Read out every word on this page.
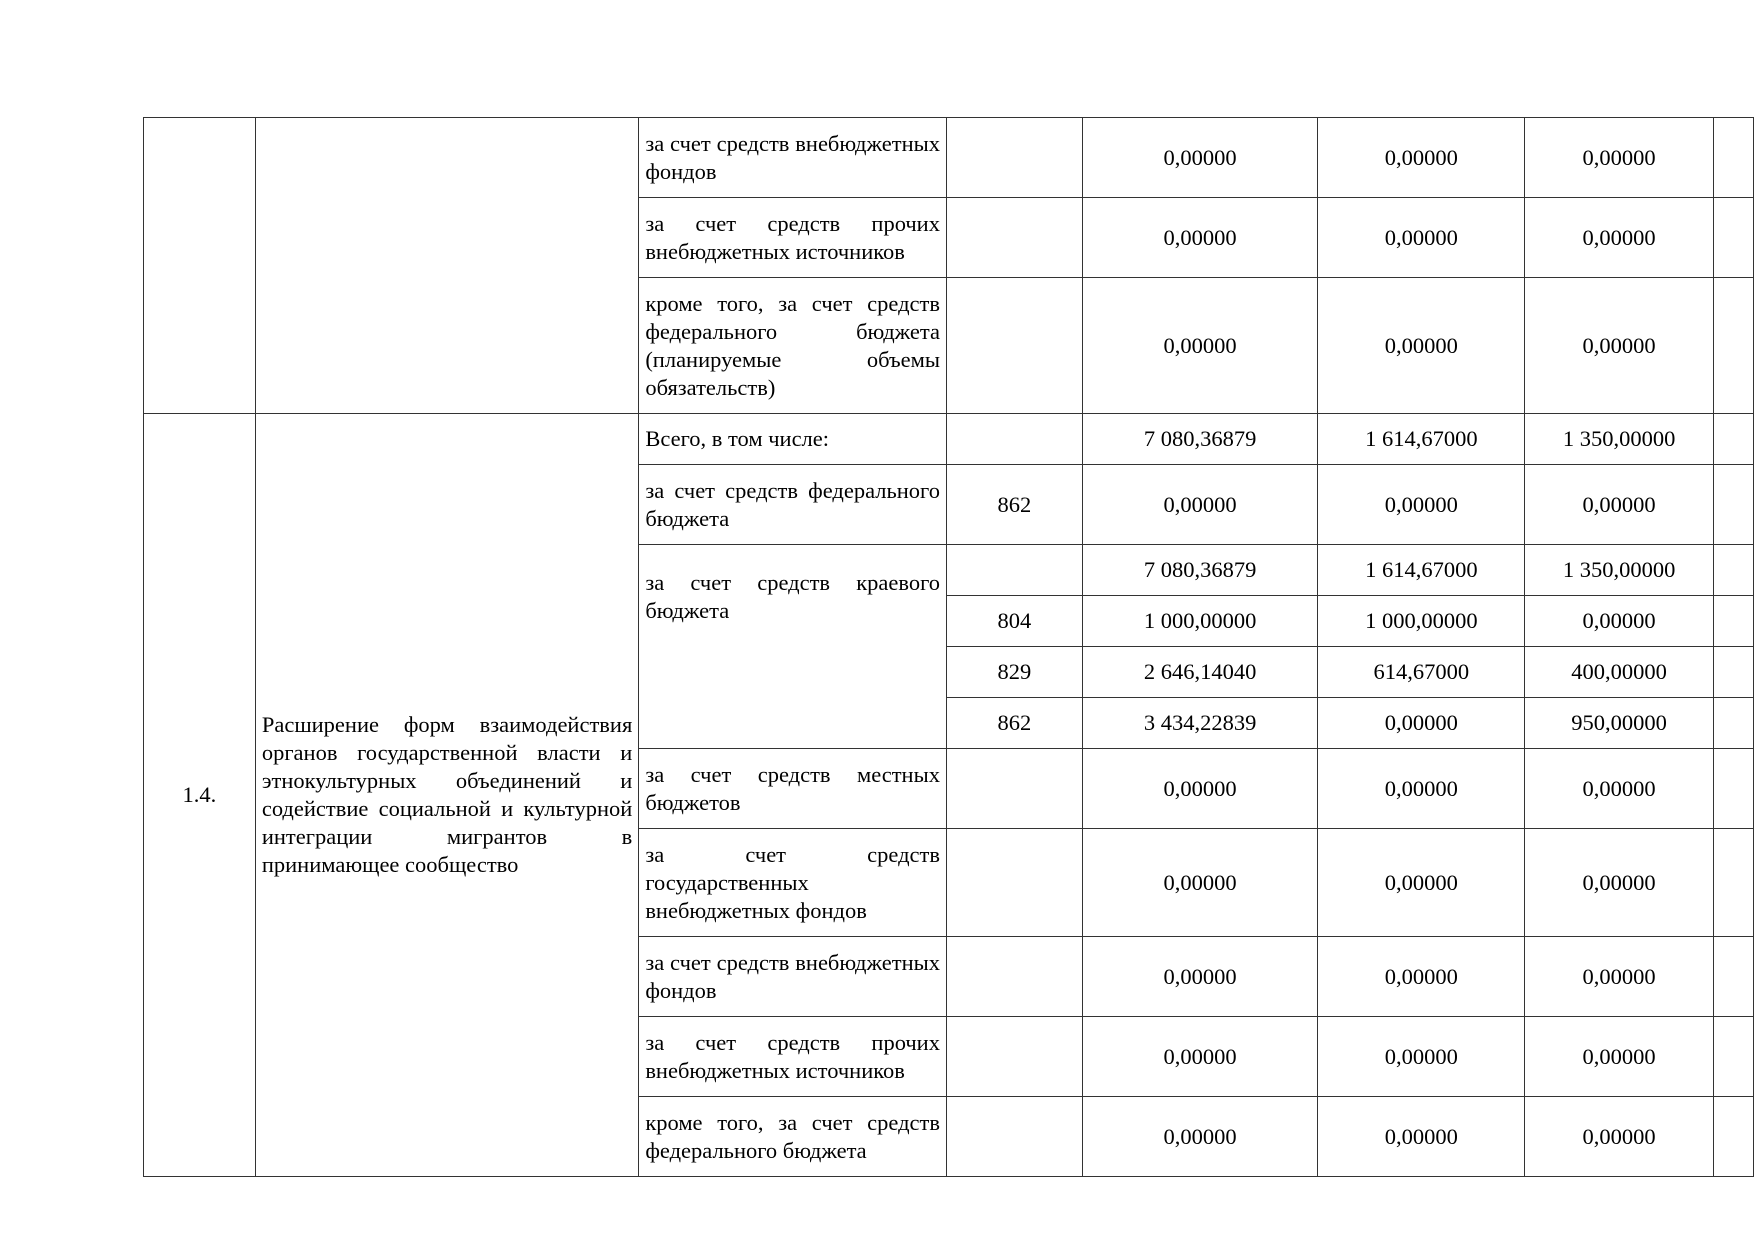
		за счет средств внебюджетных фондов		0,00000	0,00000	0,00000	
		за счет средств прочих внебюджетных источников		0,00000	0,00000	0,00000	
		кроме того, за счет средств федерального бюджета (планируемые объемы обязательств)		0,00000	0,00000	0,00000	
1.4.	Расширение форм взаимодействия органов государственной власти и этнокультурных объединений и содействие социальной и культурной интеграции мигрантов в принимающее сообщество	Всего, в том числе:		7 080,36879	1 614,67000	1 350,00000	
		за счет средств федерального бюджета	862	0,00000	0,00000	0,00000	
		за счет средств краевого бюджета		7 080,36879	1 614,67000	1 350,00000	
			804	1 000,00000	1 000,00000	0,00000	
			829	2 646,14040	614,67000	400,00000	
			862	3 434,22839	0,00000	950,00000	
		за счет средств местных бюджетов		0,00000	0,00000	0,00000	
		за счет средств государственных внебюджетных фондов		0,00000	0,00000	0,00000	
		за счет средств внебюджетных фондов		0,00000	0,00000	0,00000	
		за счет средств прочих внебюджетных источников		0,00000	0,00000	0,00000	
		кроме того, за счет средств федерального бюджета		0,00000	0,00000	0,00000	
